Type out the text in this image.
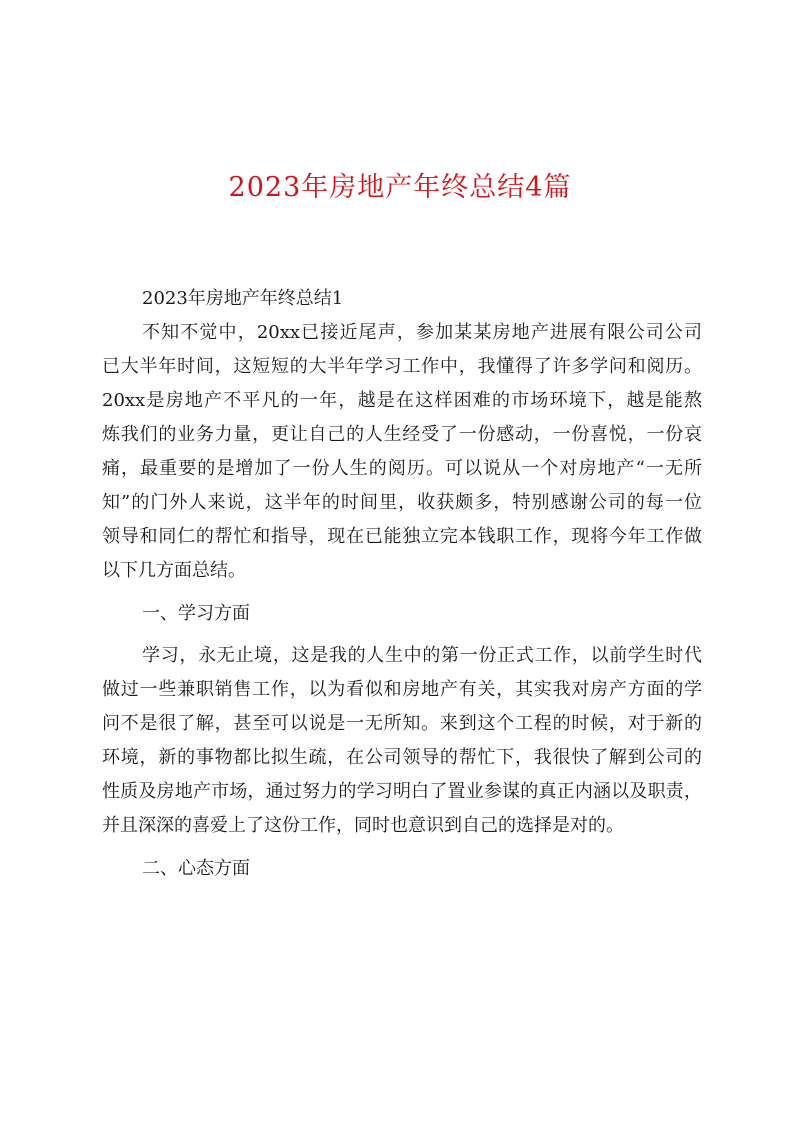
2023年房地产年终总结4篇
2023年房地产年终总结1
不知不觉中，20xx已接近尾声，参加某某房地产进展有限公司公司
已大半年时间，这短短的大半年学习工作中，我懂得了许多学问和阅历。
20xx是房地产不平凡的一年，越是在这样困难的市场环境下，越是能熬
炼我们的业务力量，更让自己的人生经受了一份感动，一份喜悦，一份哀
痛，最重要的是增加了一份人生的阅历。可以说从一个对房地产“一无所
知”的门外人来说，这半年的时间里，收获颇多，特别感谢公司的每一位
领导和同仁的帮忙和指导，现在已能独立完本钱职工作，现将今年工作做
以下几方面总结。
一、学习方面
学习，永无止境，这是我的人生中的第一份正式工作，以前学生时代
做过一些兼职销售工作，以为看似和房地产有关，其实我对房产方面的学
问不是很了解，甚至可以说是一无所知。来到这个工程的时候，对于新的
环境，新的事物都比拟生疏，在公司领导的帮忙下，我很快了解到公司的
性质及房地产市场，通过努力的学习明白了置业参谋的真正内涵以及职责，
并且深深的喜爱上了这份工作，同时也意识到自己的选择是对的。
二、心态方面
